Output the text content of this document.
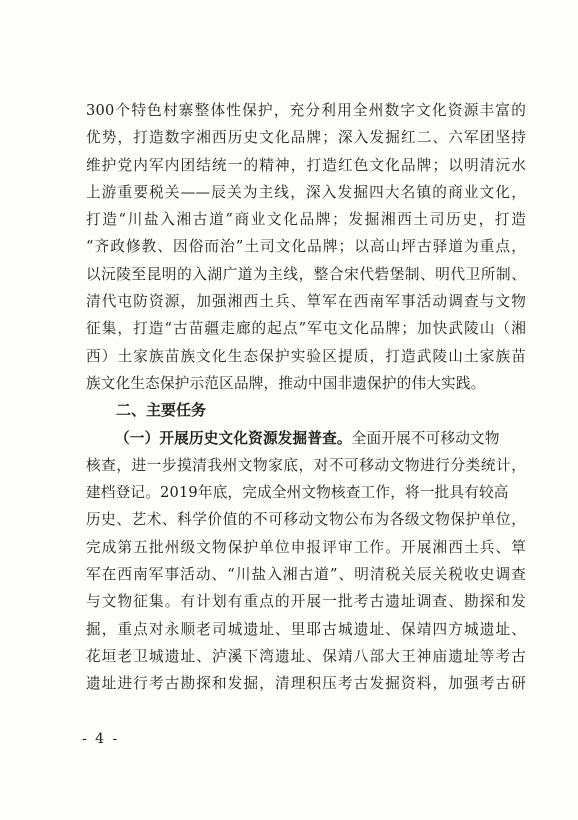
300个特色村寨整体性保护，充分利用全州数字文化资源丰富的
优势，打造数字湘西历史文化品牌；深入发掘红二、六军团坚持
维护党内军内团结统一的精神，打造红色文化品牌；以明清沅水
上游重要税关——辰关为主线，深入发掘四大名镇的商业文化，
打造“川盐入湘古道”商业文化品牌；发掘湘西土司历史，打造
“齐政修教、因俗而治”土司文化品牌；以高山坪古驿道为重点，
以沅陵至昆明的入湖广道为主线，整合宋代砦堡制、明代卫所制、
清代屯防资源，加强湘西土兵、筸军在西南军事活动调查与文物
征集，打造“古苗疆走廊的起点”军屯文化品牌；加快武陵山（湘
西）土家族苗族文化生态保护实验区提质，打造武陵山土家族苗
族文化生态保护示范区品牌，推动中国非遗保护的伟大实践。
二、主要任务
（一）开展历史文化资源发掘普查。全面开展不可移动文物
核查，进一步摸清我州文物家底，对不可移动文物进行分类统计，
建档登记。2019年底，完成全州文物核查工作，将一批具有较高
历史、艺术、科学价值的不可移动文物公布为各级文物保护单位，
完成第五批州级文物保护单位申报评审工作。开展湘西土兵、筸
军在西南军事活动、“川盐入湘古道”、明清税关辰关税收史调查
与文物征集。有计划有重点的开展一批考古遗址调查、勘探和发
掘，重点对永顺老司城遗址、里耶古城遗址、保靖四方城遗址、
花垣老卫城遗址、泸溪下湾遗址、保靖八部大王神庙遗址等考古
遗址进行考古勘探和发掘，清理积压考古发掘资料，加强考古研
- 4 -
